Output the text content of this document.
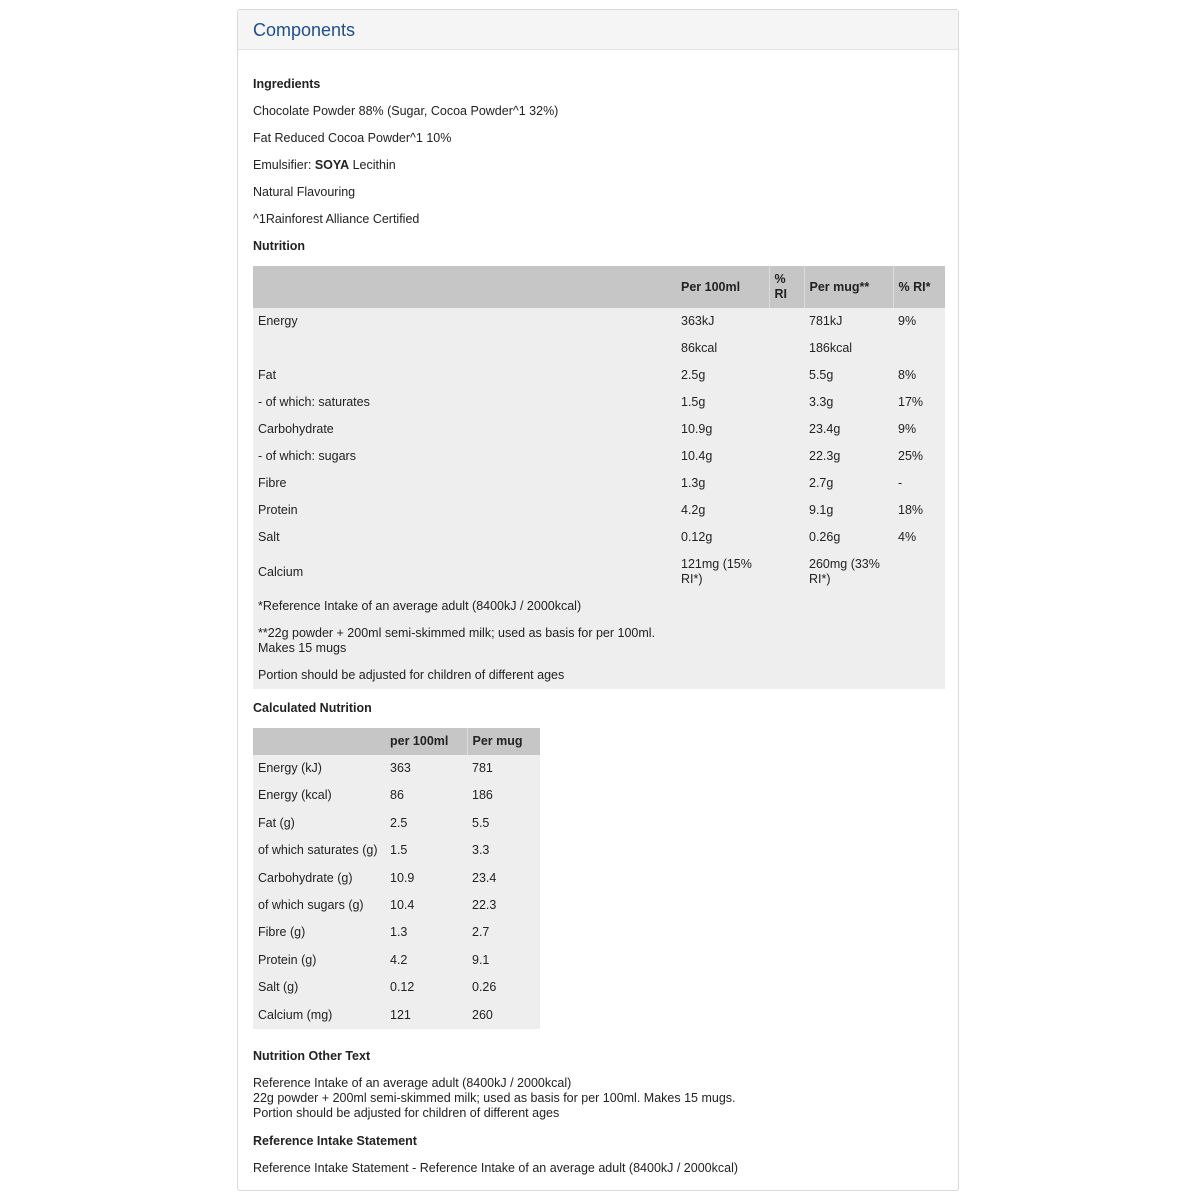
Components

Ingredients

Chocolate Powder 88% (Sugar, Cocoa Powder^1 32%)

Fat Reduced Cocoa Powder^1 10%

Emulsifier: SOYA Lecithin

Natural Flavouring

^1Rainforest Alliance Certified

Nutrition

	Per 100ml	% RI	Per mug**	% RI*
Energy	363kJ		781kJ	9%
	86kcal		186kcal	
Fat	2.5g		5.5g	8%
- of which: saturates	1.5g		3.3g	17%
Carbohydrate	10.9g		23.4g	9%
- of which: sugars	10.4g		22.3g	25%
Fibre	1.3g		2.7g	-
Protein	4.2g		9.1g	18%
Salt	0.12g		0.26g	4%
Calcium	121mg (15% RI*)		260mg (33% RI*)	
*Reference Intake of an average adult (8400kJ / 2000kcal)				
**22g powder + 200ml semi-skimmed milk; used as basis for per 100ml. Makes 15 mugs				
Portion should be adjusted for children of different ages				

Calculated Nutrition

	per 100ml	Per mug
Energy (kJ)	363	781
Energy (kcal)	86	186
Fat (g)	2.5	5.5
of which saturates (g)	1.5	3.3
Carbohydrate (g)	10.9	23.4
of which sugars (g)	10.4	22.3
Fibre (g)	1.3	2.7
Protein (g)	4.2	9.1
Salt (g)	0.12	0.26
Calcium (mg)	121	260

Nutrition Other Text

Reference Intake of an average adult (8400kJ / 2000kcal)
22g powder + 200ml semi-skimmed milk; used as basis for per 100ml. Makes 15 mugs.
Portion should be adjusted for children of different ages

Reference Intake Statement

Reference Intake Statement - Reference Intake of an average adult (8400kJ / 2000kcal)
